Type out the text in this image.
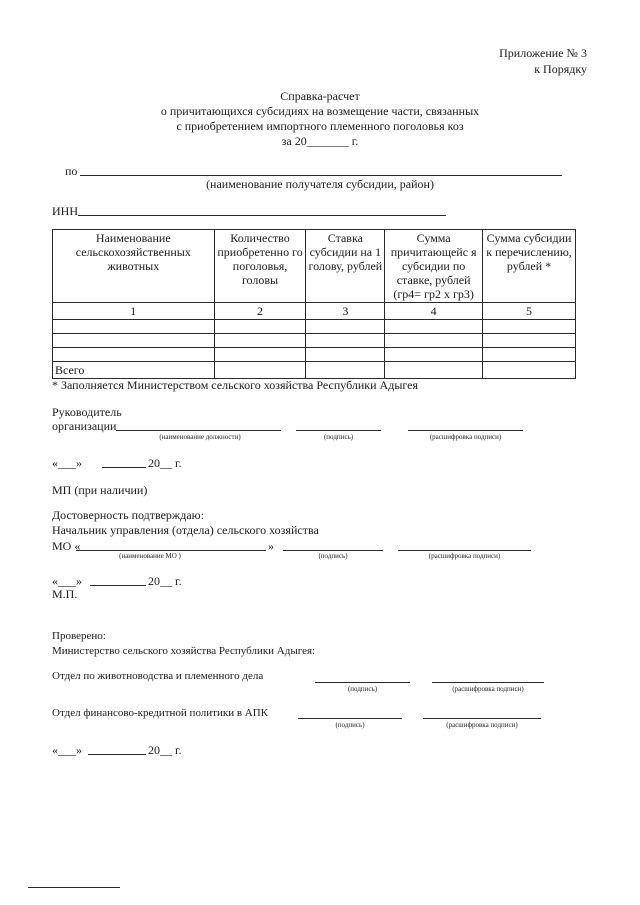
Приложение № 3
к Порядку
Справка-расчет
о причитающихся субсидиях на возмещение части, связанных
с приобретением импортного племенного поголовья коз
за 20_______ г.
по
(наименование получателя субсидии, район)
ИНН
Наименование сельскохозяйственных животных	Количество приобретенно го поголовья, головы	Ставка субсидии на 1 голову, рублей	Сумма причитающейс я субсидии по ставке, рублей (гр4= гр2 х гр3)	Сумма субсидии к перечислению, рублей *
1	2	3	4	5

Всего				
* Заполняется Министерством сельского хозяйства Республики Адыгея
Руководитель
организации
(наименование должности)	(подпись)	(расшифровка подписи)
«___»	20__ г.
МП (при наличии)
Достоверность подтверждаю:
Начальник управления (отдела) сельского хозяйства
МО «	»
(наименование МО )	(подпись)	(расшифровка подписи)
«___»	20__ г.
М.П.
Проверено:
Министерство сельского хозяйства Республики Адыгея:
Отдел по животноводства и племенного дела
(подпись)	(расшифровка подписи)
Отдел финансово-кредитной политики в АПК
(подпись)	(расшифровка подписи)
«___»	20__ г.
